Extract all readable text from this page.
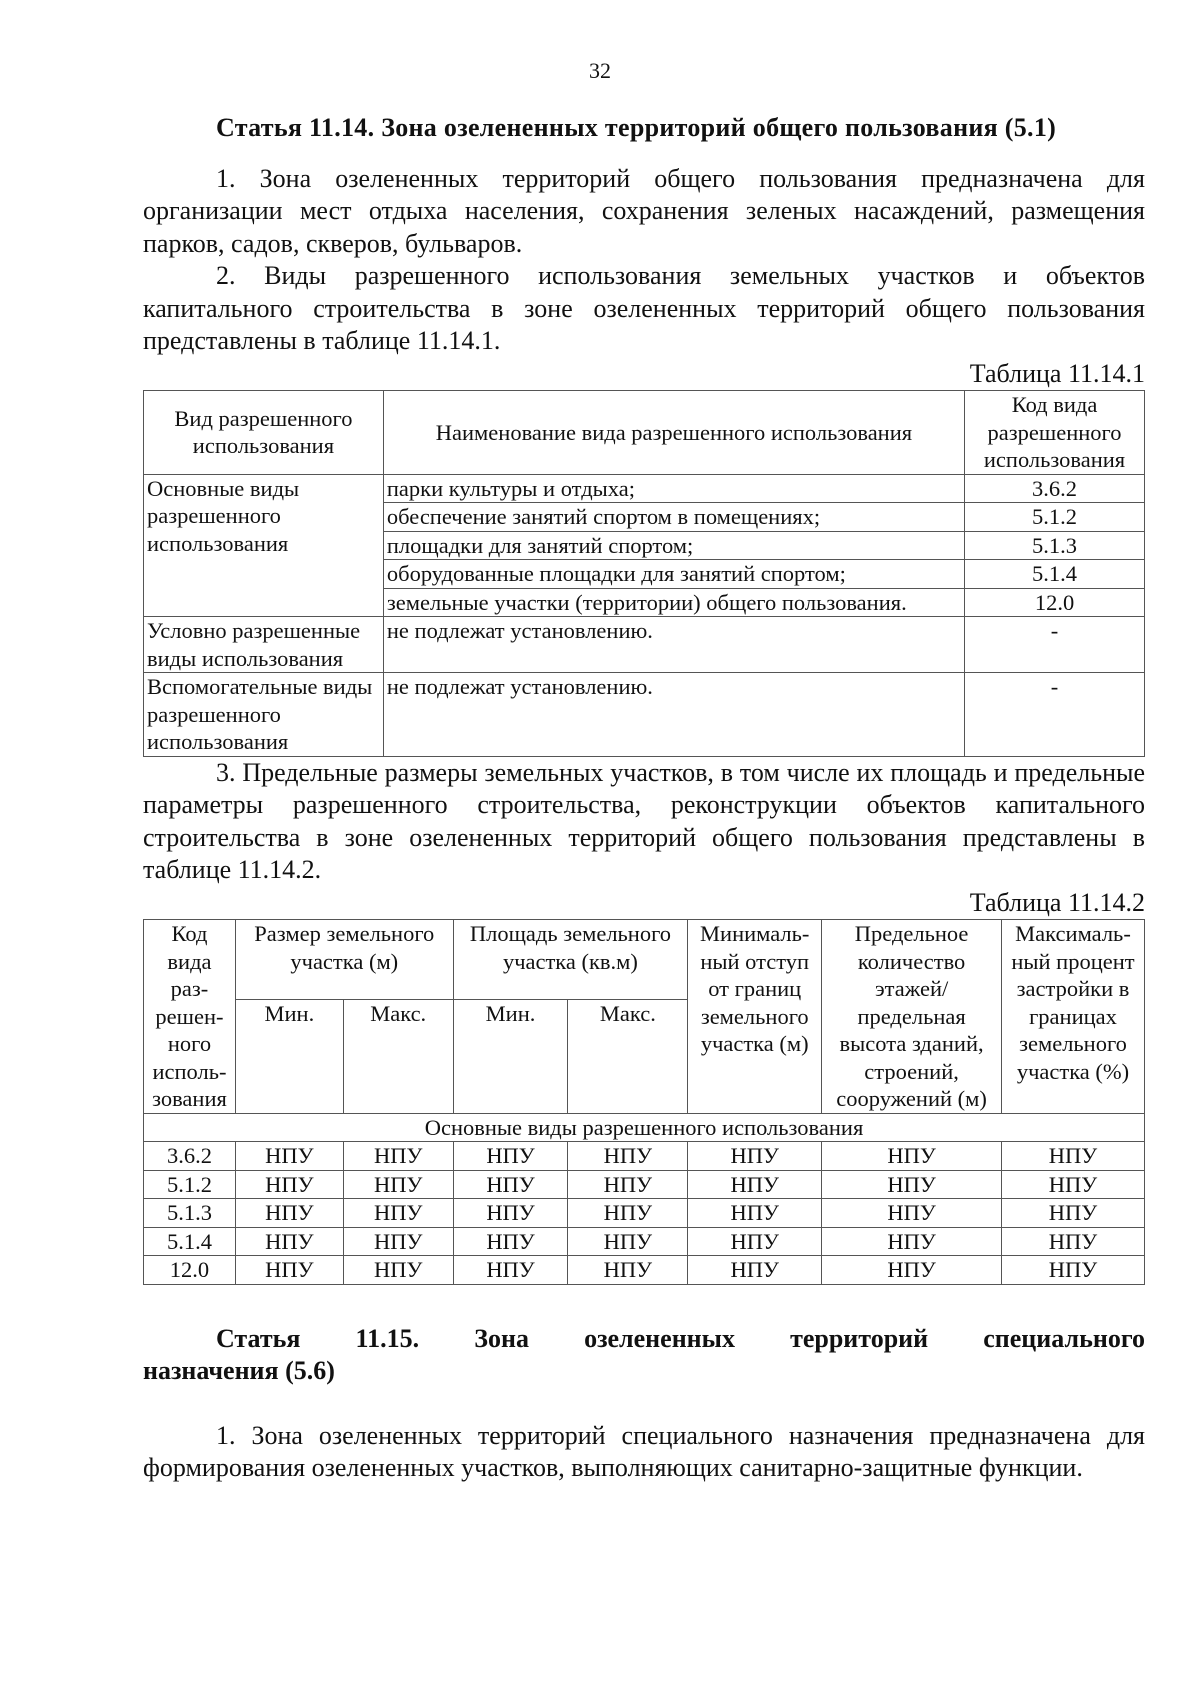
32

Статья 11.14. Зона озелененных территорий общего пользования (5.1)

1. Зона озелененных территорий общего пользования предназначена для организации мест отдыха населения, сохранения зеленых насаждений, размещения парков, садов, скверов, бульваров.

2. Виды разрешенного использования земельных участков и объектов капитального строительства в зоне озелененных территорий общего пользования представлены в таблице 11.14.1.

Таблица 11.14.1

Вид разрешенного использования	Наименование вида разрешенного использования	Код вида разрешенного использования
Основные виды разрешенного использования	парки культуры и отдыха;	3.6.2
	обеспечение занятий спортом в помещениях;	5.1.2
	площадки для занятий спортом;	5.1.3
	оборудованные площадки для занятий спортом;	5.1.4
	земельные участки (территории) общего пользования.	12.0
Условно разрешенные виды использования	не подлежат установлению.	-
Вспомогательные виды разрешенного использования	не подлежат установлению.	-

3. Предельные размеры земельных участков, в том числе их площадь и предельные параметры разрешенного строительства, реконструкции объектов капитального строительства в зоне озелененных территорий общего пользования представлены в таблице 11.14.2.

Таблица 11.14.2

Код вида раз-решен-ного исполь-зования	Размер земельного участка (м)		Площадь земельного участка (кв.м)		Минималь-ный отступ от границ земельного участка (м)	Предельное количество этажей/ предельная высота зданий, строений, сооружений (м)	Максималь-ный процент застройки в границах земельного участка (%)
	Мин.	Макс.	Мин.	Макс.			
Основные виды разрешенного использования							
3.6.2	НПУ	НПУ	НПУ	НПУ	НПУ	НПУ	НПУ
5.1.2	НПУ	НПУ	НПУ	НПУ	НПУ	НПУ	НПУ
5.1.3	НПУ	НПУ	НПУ	НПУ	НПУ	НПУ	НПУ
5.1.4	НПУ	НПУ	НПУ	НПУ	НПУ	НПУ	НПУ
12.0	НПУ	НПУ	НПУ	НПУ	НПУ	НПУ	НПУ
Статья 11.15. Зона озелененных территорий специального

назначения (5.6)

1. Зона озелененных территорий специального назначения предназначена для формирования озелененных участков, выполняющих санитарно-защитные функции.
